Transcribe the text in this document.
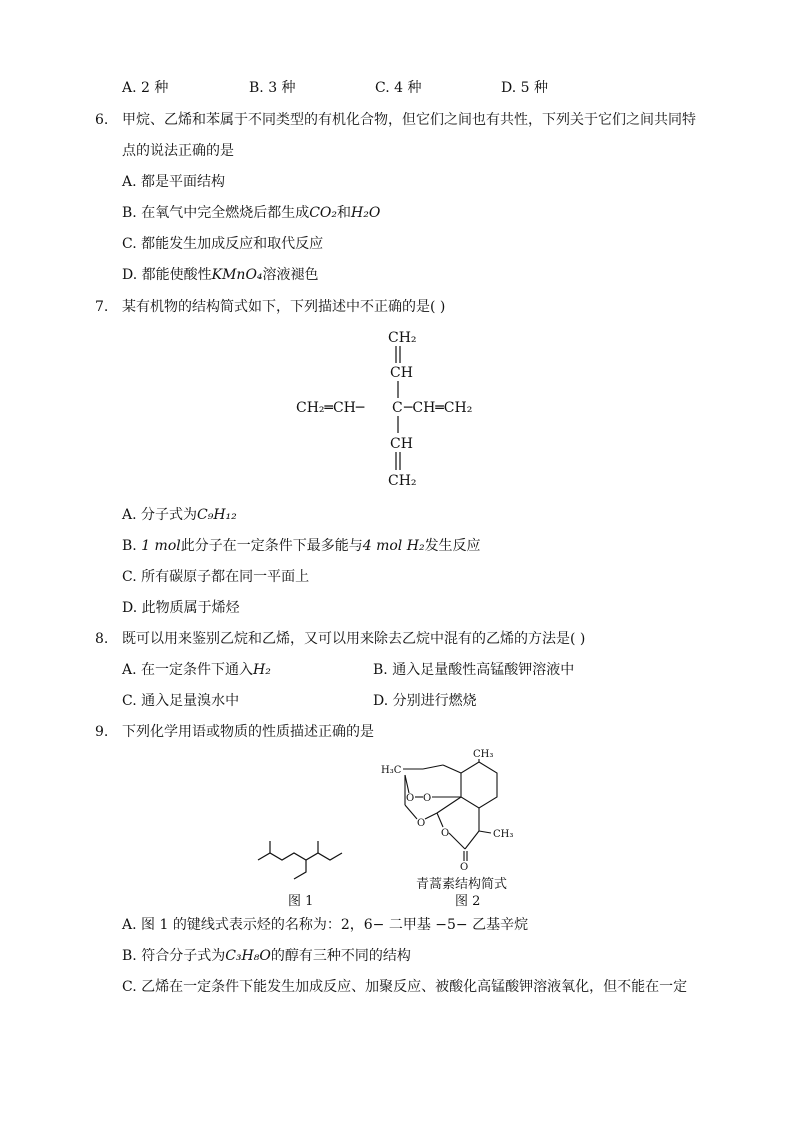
A. 2 种	B. 3 种	C. 4 种	D. 5 种
6. 甲烷、乙烯和苯属于不同类型的有机化合物，但它们之间也有共性，下列关于它们之间共同特
点的说法正确的是
A. 都是平面结构
B. 在氧气中完全燃烧后都生成CO₂和H₂O
C. 都能发生加成反应和取代反应
D. 都能使酸性KMnO₄溶液褪色
7. 某有机物的结构简式如下，下列描述中不正确的是( )
CH₂
CH
C
CH₂═CH─	─CH═CH₂
CH
CH₂
A. 分子式为C₉H₁₂
B. 1 mol此分子在一定条件下最多能与4 mol H₂发生反应
C. 所有碳原子都在同一平面上
D. 此物质属于烯烃
8. 既可以用来鉴别乙烷和乙烯，又可以用来除去乙烷中混有的乙烯的方法是( )
A. 在一定条件下通入H₂	B. 通入足量酸性高锰酸钾溶液中
C. 通入足量溴水中	D. 分别进行燃烧
9. 下列化学用语或物质的性质描述正确的是
图 1
CH₃
H₃C
O O
O
O
O
CH₃
青蒿素结构简式
图 2
A. 图 1 的键线式表示烃的名称为：2，6− 二甲基 −5− 乙基辛烷
B. 符合分子式为C₃H₈O的醇有三种不同的结构
C. 乙烯在一定条件下能发生加成反应、加聚反应、被酸化高锰酸钾溶液氧化，但不能在一定
